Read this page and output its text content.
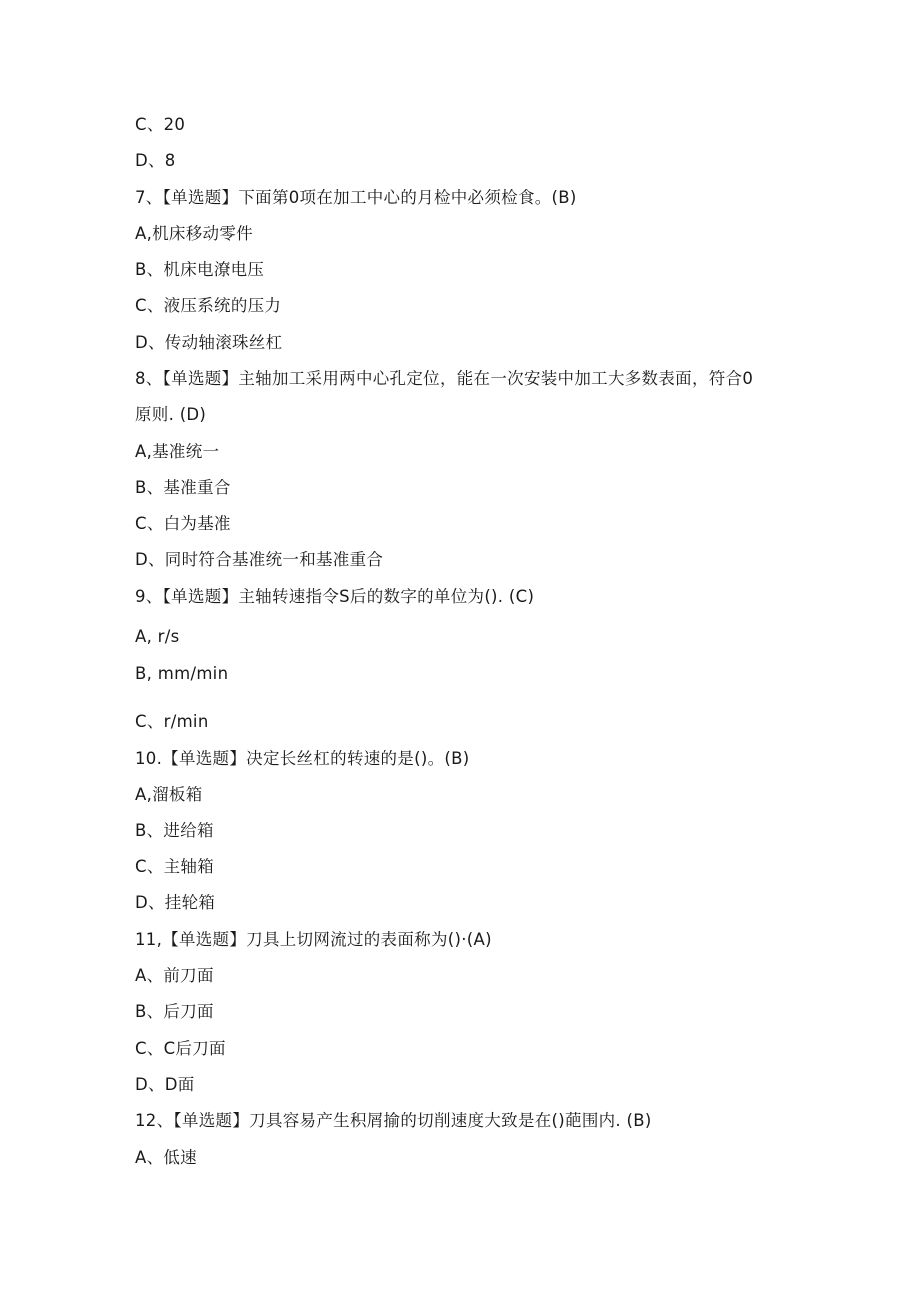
C、20
D、8
7、【单选题】下面第0项在加工中心的月检中必须检食。(B)
A,机床移动零件
B、机床电潦电压
C、液压系统的压力
D、传动轴滚珠丝杠
8、【单选题】主轴加工采用两中心孔定位，能在一次安装中加工大多数表面，符合0
原则. (D)
A,基准统一
B、基准重合
C、白为基准
D、同时符合基准统一和基准重合
9、【单选题】主轴转速指令S后的数字的单位为(). (C)
A, r/s
B, mm/min
C、r/min
10.【单选题】决定长丝杠的转速的是()。(B)
A,溜板箱
B、进给箱
C、主轴箱
D、挂轮箱
11,【单选题】刀具上切网流过的表面称为()·(A)
A、前刀面
B、后刀面
C、C后刀面
D、D面
12、【单选题】刀具容易产生积屑揄的切削速度大致是在()葩围内. (B)
A、低速
